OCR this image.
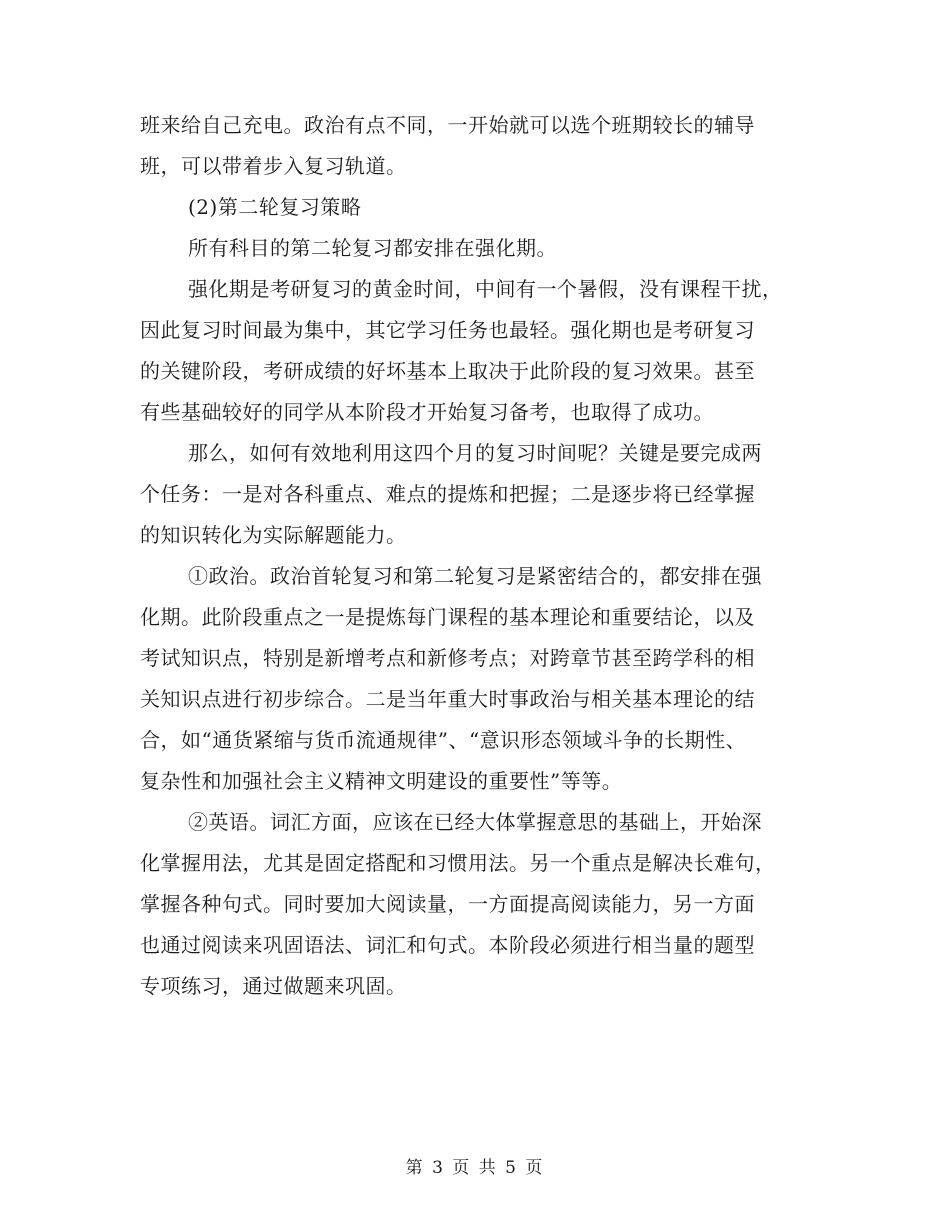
班来给自己充电。政治有点不同，一开始就可以选个班期较长的辅导
班，可以带着步入复习轨道。
(2)第二轮复习策略
所有科目的第二轮复习都安排在强化期。
强化期是考研复习的黄金时间，中间有一个暑假，没有课程干扰，
因此复习时间最为集中，其它学习任务也最轻。强化期也是考研复习
的关键阶段，考研成绩的好坏基本上取决于此阶段的复习效果。甚至
有些基础较好的同学从本阶段才开始复习备考，也取得了成功。
那么，如何有效地利用这四个月的复习时间呢？关键是要完成两
个任务：一是对各科重点、难点的提炼和把握；二是逐步将已经掌握
的知识转化为实际解题能力。
①政治。政治首轮复习和第二轮复习是紧密结合的，都安排在强
化期。此阶段重点之一是提炼每门课程的基本理论和重要结论，以及
考试知识点，特别是新增考点和新修考点；对跨章节甚至跨学科的相
关知识点进行初步综合。二是当年重大时事政治与相关基本理论的结
合，如“通货紧缩与货币流通规律”、“意识形态领域斗争的长期性、
复杂性和加强社会主义精神文明建设的重要性”等等。
②英语。词汇方面，应该在已经大体掌握意思的基础上，开始深
化掌握用法，尤其是固定搭配和习惯用法。另一个重点是解决长难句，
掌握各种句式。同时要加大阅读量，一方面提高阅读能力，另一方面
也通过阅读来巩固语法、词汇和句式。本阶段必须进行相当量的题型
专项练习，通过做题来巩固。
第 3 页 共 5 页
